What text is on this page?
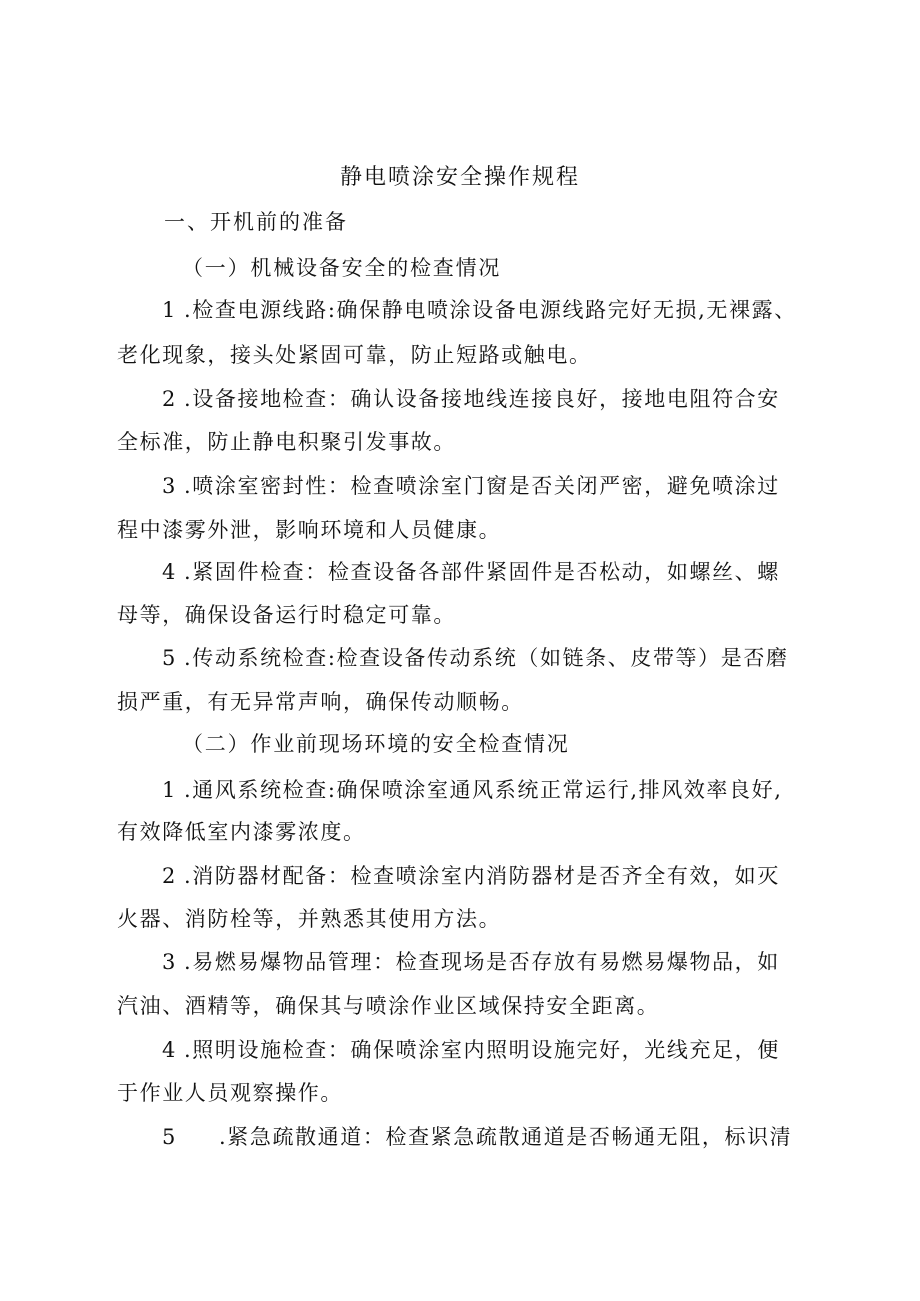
静电喷涂安全操作规程
一、开机前的准备
（一）机械设备安全的检查情况
1 .检查电源线路:确保静电喷涂设备电源线路完好无损,无裸露、
老化现象，接头处紧固可靠，防止短路或触电。
2 .设备接地检查：确认设备接地线连接良好，接地电阻符合安
全标准，防止静电积聚引发事故。
3 .喷涂室密封性：检查喷涂室门窗是否关闭严密，避免喷涂过
程中漆雾外泄，影响环境和人员健康。
4 .紧固件检查：检查设备各部件紧固件是否松动，如螺丝、螺
母等，确保设备运行时稳定可靠。
5 .传动系统检查:检查设备传动系统（如链条、皮带等）是否磨
损严重，有无异常声响，确保传动顺畅。
（二）作业前现场环境的安全检查情况
1 .通风系统检查:确保喷涂室通风系统正常运行,排风效率良好,
有效降低室内漆雾浓度。
2 .消防器材配备：检查喷涂室内消防器材是否齐全有效，如灭
火器、消防栓等，并熟悉其使用方法。
3 .易燃易爆物品管理：检查现场是否存放有易燃易爆物品，如
汽油、酒精等，确保其与喷涂作业区域保持安全距离。
4 .照明设施检查：确保喷涂室内照明设施完好，光线充足，便
于作业人员观察操作。
5 .紧急疏散通道：检查紧急疏散通道是否畅通无阻，标识清
